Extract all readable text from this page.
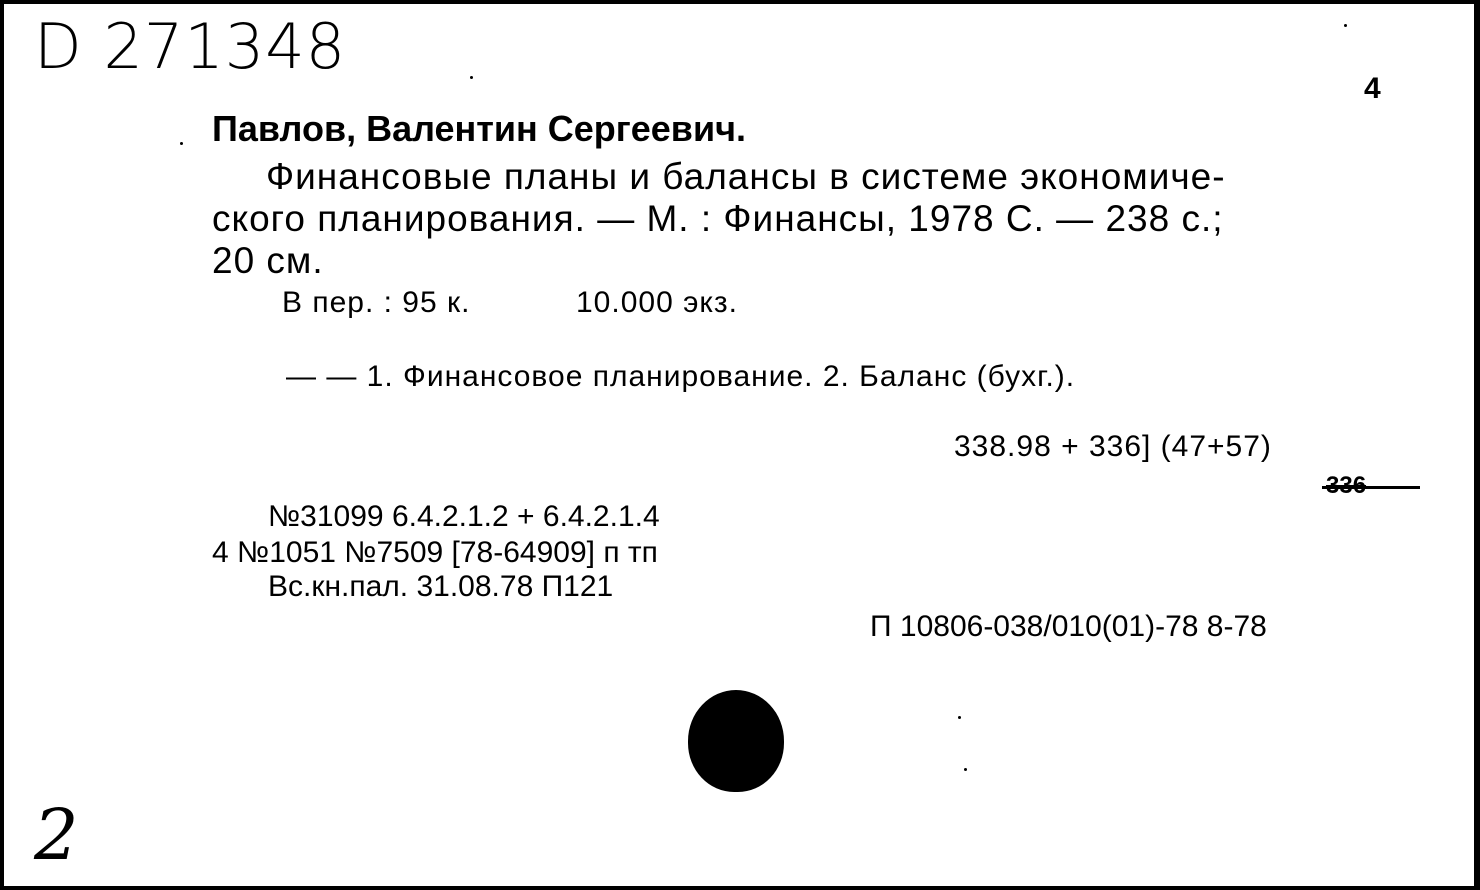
D 271348
4
Павлов, Валентин Сергеевич.
Финансовые планы и балансы в системе экономиче-
ского планирования. — М. : Финансы, 1978 С. — 238 с.;
20 см.
В пер. : 95 к.	10.000 экз.
— — 1. Финансовое планирование. 2. Баланс (бухг.).
338.98 + 336] (47+57)
№31099 6.4.2.1.2 + 6.4.2.1.4
4 №1051 №7509 [78-64909] п тп
Вс.кн.пал. 31.08.78 П121
П 10806-038/010(01)-78 8-78
2
